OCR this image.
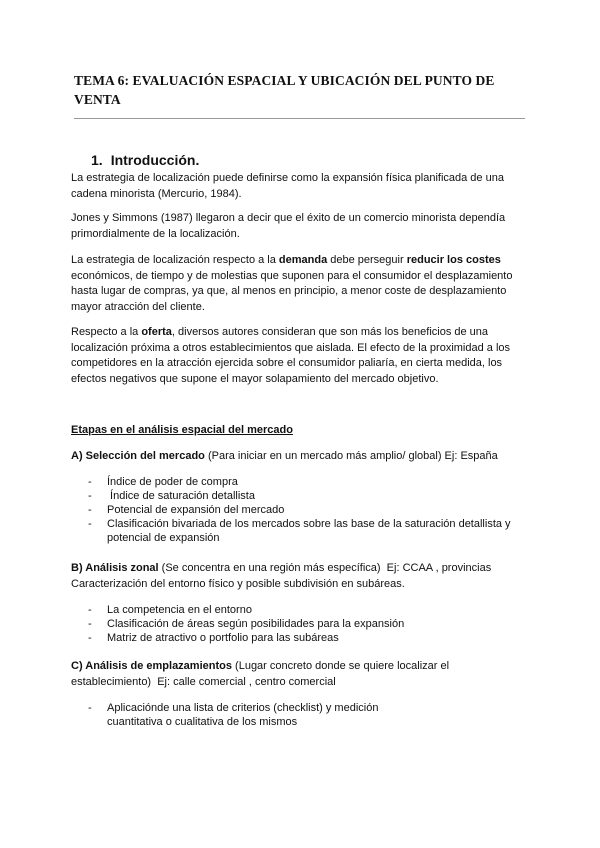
TEMA 6: EVALUACIÓN ESPACIAL Y UBICACIÓN DEL PUNTO DE
VENTA
1. Introducción.
La estrategia de localización puede definirse como la expansión física planificada de una cadena minorista (Mercurio, 1984).
Jones y Simmons (1987) llegaron a decir que el éxito de un comercio minorista dependía primordialmente de la localización.
La estrategia de localización respecto a la demanda debe perseguir reducir los costes económicos, de tiempo y de molestias que suponen para el consumidor el desplazamiento hasta lugar de compras, ya que, al menos en principio, a menor coste de desplazamiento mayor atracción del cliente.
Respecto a la oferta, diversos autores consideran que son más los beneficios de una localización próxima a otros establecimientos que aislada. El efecto de la proximidad a los competidores en la atracción ejercida sobre el consumidor paliaría, en cierta medida, los efectos negativos que supone el mayor solapamiento del mercado objetivo.
Etapas en el análisis espacial del mercado
A) Selección del mercado (Para iniciar en un mercado más amplio/ global) Ej: España
- Índice de poder de compra
-  Índice de saturación detallista
- Potencial de expansión del mercado
- Clasificación bivariada de los mercados sobre las base de la saturación detallista y potencial de expansión
B) Análisis zonal (Se concentra en una región más específica)  Ej: CCAA , provincias
Caracterización del entorno físico y posible subdivisión en subáreas.
- La competencia en el entorno
- Clasificación de áreas según posibilidades para la expansión
- Matriz de atractivo o portfolio para las subáreas
C) Análisis de emplazamientos (Lugar concreto donde se quiere localizar el establecimiento)  Ej: calle comercial , centro comercial
- Aplicaciónde una lista de criterios (checklist) y medición
cuantitativa o cualitativa de los mismos
